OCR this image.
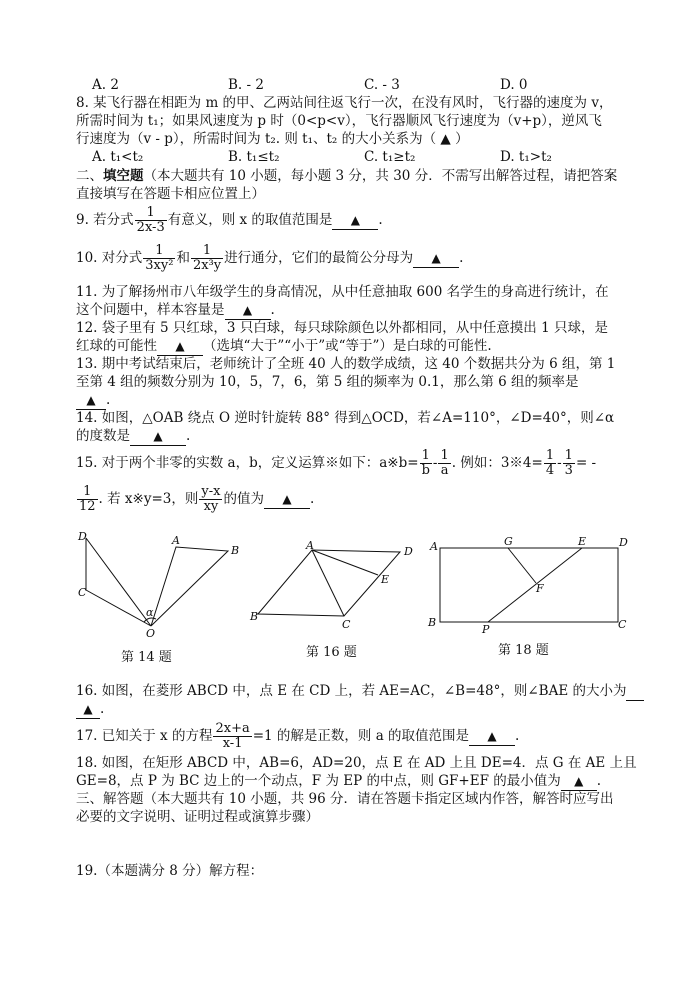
A. 2	B. - 2	C. - 3	D. 0
8. 某飞行器在相距为 m 的甲、乙两站间往返飞行一次，在没有风时，飞行器的速度为 v，
所需时间为 t₁；如果风速度为 p 时（0<p<v），飞行器顺风飞行速度为（v+p），逆风飞
行速度为（v - p），所需时间为 t₂. 则 t₁、t₂ 的大小关系为（ ▲ ）
A. t₁<t₂	B. t₁≤t₂	C. t₁≥t₂	D. t₁>t₂
二、填空题（本大题共有 10 小题，每小题 3 分，共 30 分．不需写出解答过程，请把答案
直接填写在答题卡相应位置上）
9. 若分式 $\frac{1}{2x-3}$ 有意义，则 x 的取值范围是 ▲ .
10. 对分式 $\frac{1}{\text{3xy²}}$ 和 $\frac{1}{\text{2x³y}}$ 进行通分，它们的最简公分母为 ▲ .
11. 为了解扬州市八年级学生的身高情况，从中任意抽取 600 名学生的身高进行统计，在
这个问题中，样本容量是 ▲ .
12. 袋子里有 5 只红球，3 只白球，每只球除颜色以外都相同，从中任意摸出 1 只球，是
红球的可能性 ▲ （选填“大于”“小于”或“等于”）是白球的可能性.
13. 期中考试结束后，老师统计了全班 40 人的数学成绩，这 40 个数据共分为 6 组，第 1
至第 4 组的频数分别为 10，5，7，6，第 5 组的频率为 0.1，那么第 6 组的频率是
▲ .
14. 如图，△OAB 绕点 O 逆时针旋转 88° 得到△OCD，若∠A=110°，∠D=40°，则∠α
的度数是 ▲ .
15. 对于两个非零的实数 a，b，定义运算※如下：a※b= $\frac{1}{b} - \frac{1}{a}$ . 例如：3※4= $\frac{1}{4} - \frac{1}{3}$ = -
$\frac{1}{12}$ . 若 x※y=3，则 $\frac{y-x}{xy}$ 的值为 ▲ .
D	A
B
C
α
O
第 14 题
A	D
E
B
C
第 16 题
A	G	E	D
F
B
P	C
第 18 题
16. 如图，在菱形 ABCD 中，点 E 在 CD 上，若 AE=AC，∠B=48°，则∠BAE 的大小为
▲ .
17. 已知关于 x 的方程 $\frac{2x+a}{x-1} =1$ 的解是正数，则 a 的取值范围是 ▲ .
18. 如图，在矩形 ABCD 中，AB=6，AD=20，点 E 在 AD 上且 DE=4．点 G 在 AE 上且
GE=8，点 P 为 BC 边上的一个动点，F 为 EP 的中点，则 GF+EF 的最小值为 ▲ .
三、解答题（本大题共有 10 小题，共 96 分．请在答题卡指定区域内作答，解答时应写出
必要的文字说明、证明过程或演算步骤）
19.（本题满分 8 分）解方程：
